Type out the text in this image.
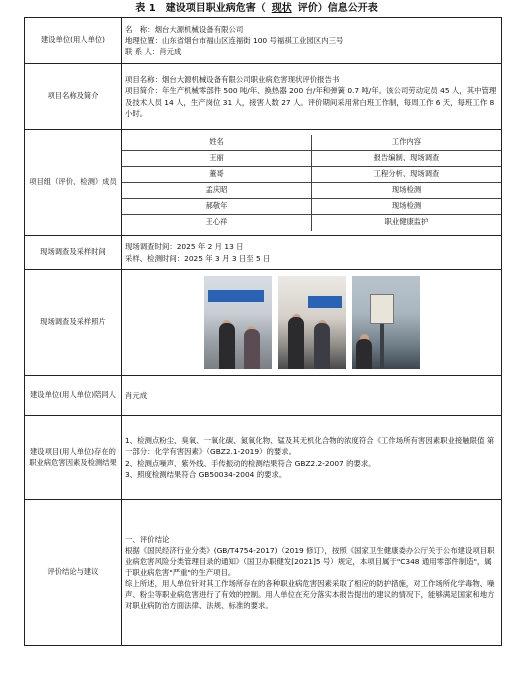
表 1　建设项目职业病危害（ 现状 评价）信息公开表
建设单位(用人单位)	
名　称：烟台大源机械设备有限公司
地理位置：山东省烟台市福山区连福街 100 号福祺工业园区内三号
联 系 人：肖元成

项目名称及简介	
项目名称：烟台大源机械设备有限公司职业病危害现状评价报告书
项目简介：年生产机械零部件 500 吨/年、换热器 200 台/年和弹簧 0.7 吨/年。该公司劳动定员 45 人，其中管理及技术人员 14 人，生产岗位 31 人，接害人数 27 人。评价期间采用常白班工作制，每周工作 6 天，每班工作 8 小时。

项目组（评价、检测）成员	
姓名	工作内容
王丽	报告编制、现场调查
董哥	工程分析、现场调查
孟庆昭	现场检测
郝敬年	现场检测
王心祥	职业健康监护

现场调查及采样时间	
现场调查时间：2025 年 2 月 13 日
采样、检测时间：2025 年 3 月 3 日至 5 日

现场调查及采样照片	

建设单位(用人单位)陪同人	肖元成
建设项目(用人单位)存在的职业病危害因素及检测结果	
1、检测点粉尘、臭氧、一氧化碳、氮氧化物、锰及其无机化合物的浓度符合《工作场所有害因素职业接触限值 第一部分：化学有害因素》（GBZ2.1-2019）的要求。
2、检测点噪声、紫外线、手传振动的检测结果符合 GBZ2.2-2007 的要求。
3、照度检测结果符合 GB50034-2004 的要求。

评价结论与建议	
一、评价结论
根据《国民经济行业分类》(GB/T4754-2017)（2019 修订），按照《国家卫生健康委办公厅关于公布建设项目职业病危害风险分类管理目录的通知》（国卫办职健发[2021]5 号）规定，本项目属于"C348 通用零部件制造"，属于职业病危害"严重"的生产项目。
综上所述，用人单位针对其工作场所存在的各种职业病危害因素采取了相应的防护措施，对工作场所化学毒物、噪声、粉尘等职业病危害进行了有效的控制。用人单位在充分落实本报告提出的建议的情况下，能够满足国家和地方对职业病防治方面法律、法规、标准的要求。
